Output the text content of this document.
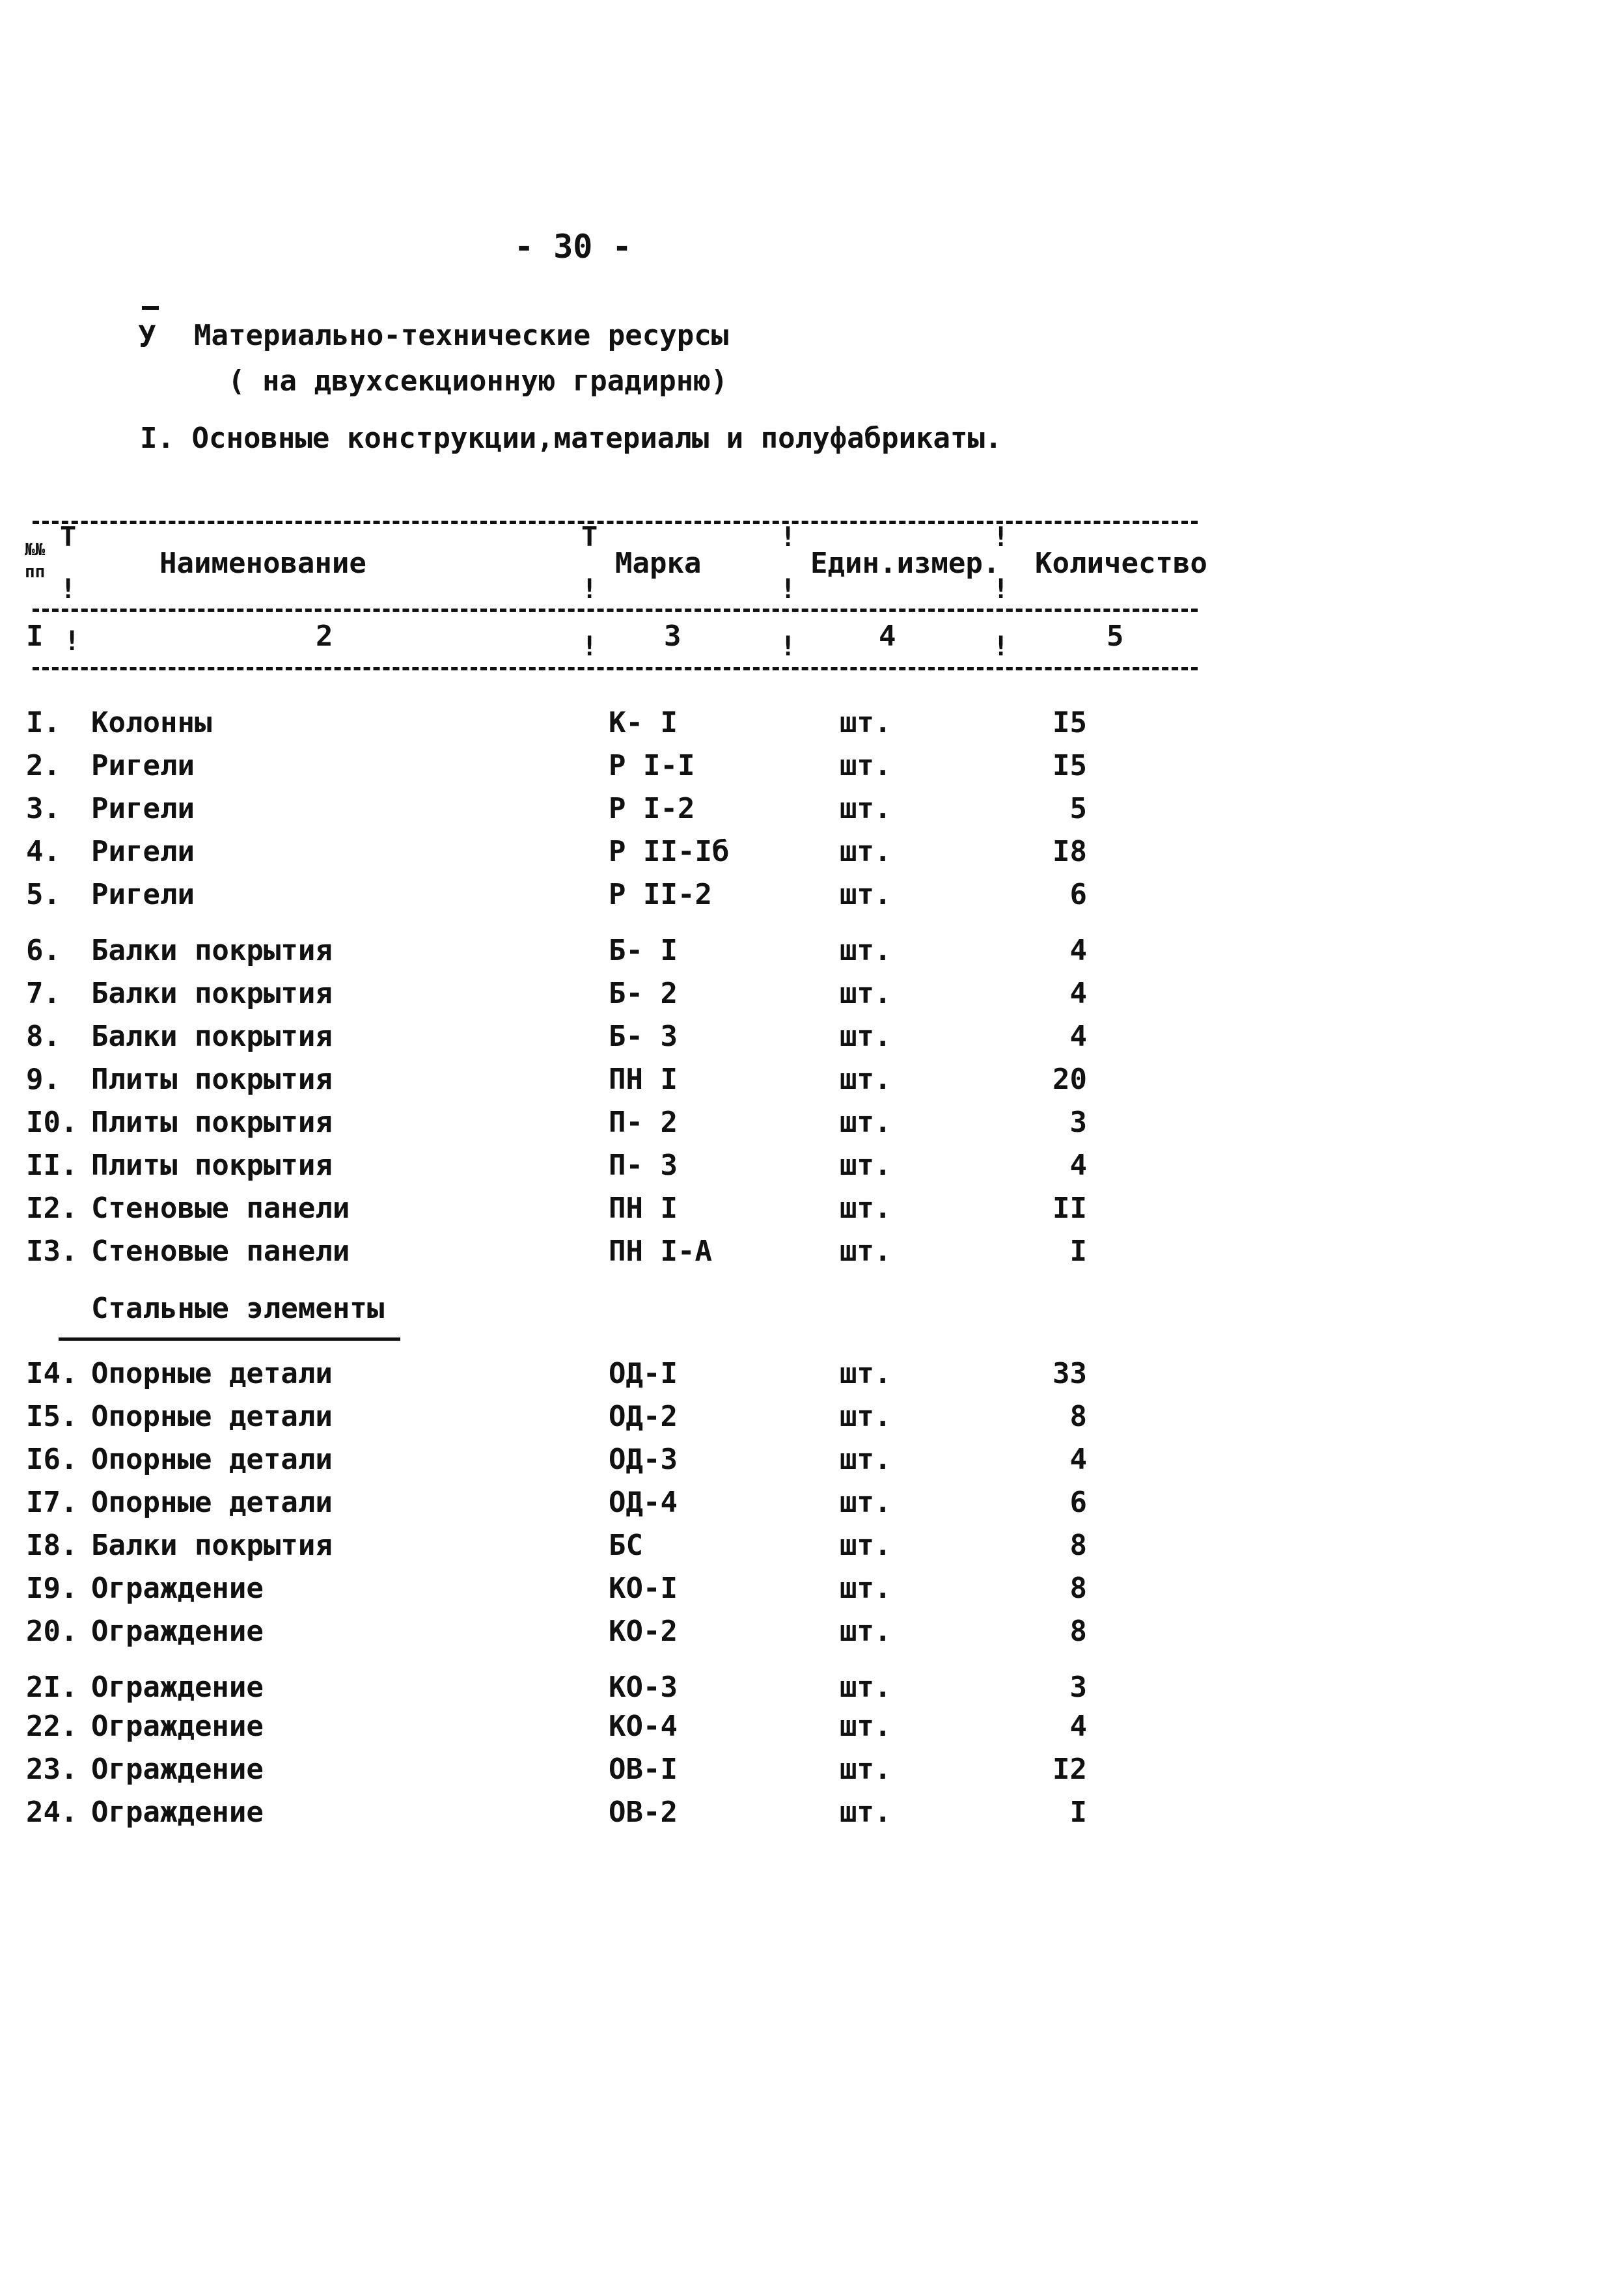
- 30 -
У Материально-технические ресурсы
( на двухсекционную градирню)
I. Основные конструкции,материалы и полуфабрикаты.
№№
пп	Наименование	Марка	Един.измер. Количество
I	2	3	4	5
T
!
!
T
!
!
!
!
!
!
!
!
I. Колонны	К- I	шт.	I5
2. Ригели	Р I-I	шт.	I5
3. Ригели	Р I-2	шт.	5
4. Ригели	Р II-Iб	шт.	I8
5. Ригели	Р II-2	шт.	6
6. Балки покрытия	Б- I	шт.	4
7. Балки покрытия	Б- 2	шт.	4
8. Балки покрытия	Б- 3	шт.	4
9. Плиты покрытия	ПН I	шт.	20
I0. Плиты покрытия	П- 2	шт.	3
II. Плиты покрытия	П- 3	шт.	4
I2. Стеновые панели	ПН I	шт.	II
I3. Стеновые панели	ПН I-А	шт.	I
Стальные элементы
I4. Опорные детали	ОД-I	шт.	33
I5. Опорные детали	ОД-2	шт.	8
I6. Опорные детали	ОД-3	шт.	4
I7. Опорные детали	ОД-4	шт.	6
I8. Балки покрытия	БС	шт.	8
I9. Ограждение	КО-I	шт.	8
20. Ограждение	КО-2	шт.	8
2I. Ограждение	КО-3	шт.	3
22. Ограждение	КО-4	шт.	4
23. Ограждение	ОВ-I	шт.	I2
24. Ограждение	ОВ-2	шт.	I
